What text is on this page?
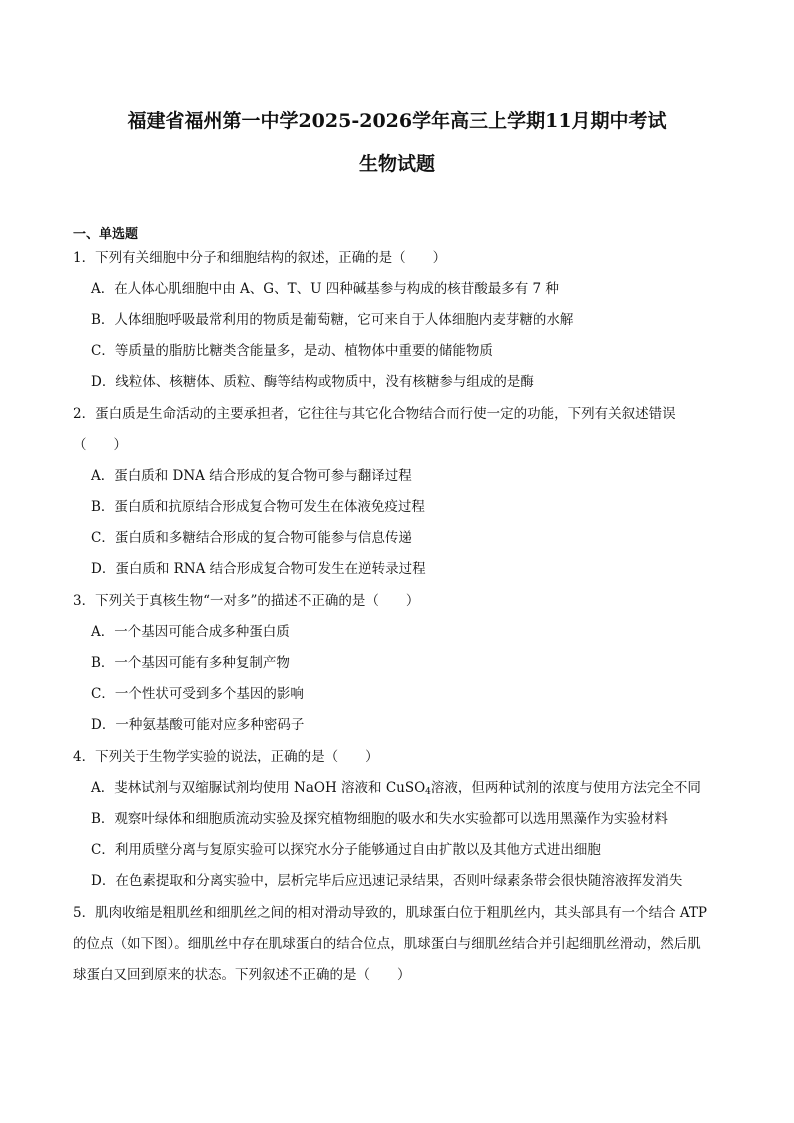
福建省福州第一中学2025-2026学年高三上学期11月期中考试
生物试题
一、单选题
1．下列有关细胞中分子和细胞结构的叙述，正确的是（　　）
A．在人体心肌细胞中由 A、G、T、U 四种碱基参与构成的核苷酸最多有 7 种
B．人体细胞呼吸最常利用的物质是葡萄糖，它可来自于人体细胞内麦芽糖的水解
C．等质量的脂肪比糖类含能量多，是动、植物体中重要的储能物质
D．线粒体、核糖体、质粒、酶等结构或物质中，没有核糖参与组成的是酶
2．蛋白质是生命活动的主要承担者，它往往与其它化合物结合而行使一定的功能，下列有关叙述错误
（　　）
A．蛋白质和 DNA 结合形成的复合物可参与翻译过程
B．蛋白质和抗原结合形成复合物可发生在体液免疫过程
C．蛋白质和多糖结合形成的复合物可能参与信息传递
D．蛋白质和 RNA 结合形成复合物可发生在逆转录过程
3．下列关于真核生物“一对多”的描述不正确的是（　　）
A．一个基因可能合成多种蛋白质
B．一个基因可能有多种复制产物
C．一个性状可受到多个基因的影响
D．一种氨基酸可能对应多种密码子
4．下列关于生物学实验的说法，正确的是（　　）
A．斐林试剂与双缩脲试剂均使用 NaOH 溶液和 CuSO$_4$溶液，但两种试剂的浓度与使用方法完全不同
B．观察叶绿体和细胞质流动实验及探究植物细胞的吸水和失水实验都可以选用黑藻作为实验材料
C．利用质壁分离与复原实验可以探究水分子能够通过自由扩散以及其他方式进出细胞
D．在色素提取和分离实验中，层析完毕后应迅速记录结果，否则叶绿素条带会很快随溶液挥发消失
5．肌肉收缩是粗肌丝和细肌丝之间的相对滑动导致的，肌球蛋白位于粗肌丝内，其头部具有一个结合 ATP
的位点（如下图）。细肌丝中存在肌球蛋白的结合位点，肌球蛋白与细肌丝结合并引起细肌丝滑动，然后肌
球蛋白又回到原来的状态。下列叙述不正确的是（　　）
